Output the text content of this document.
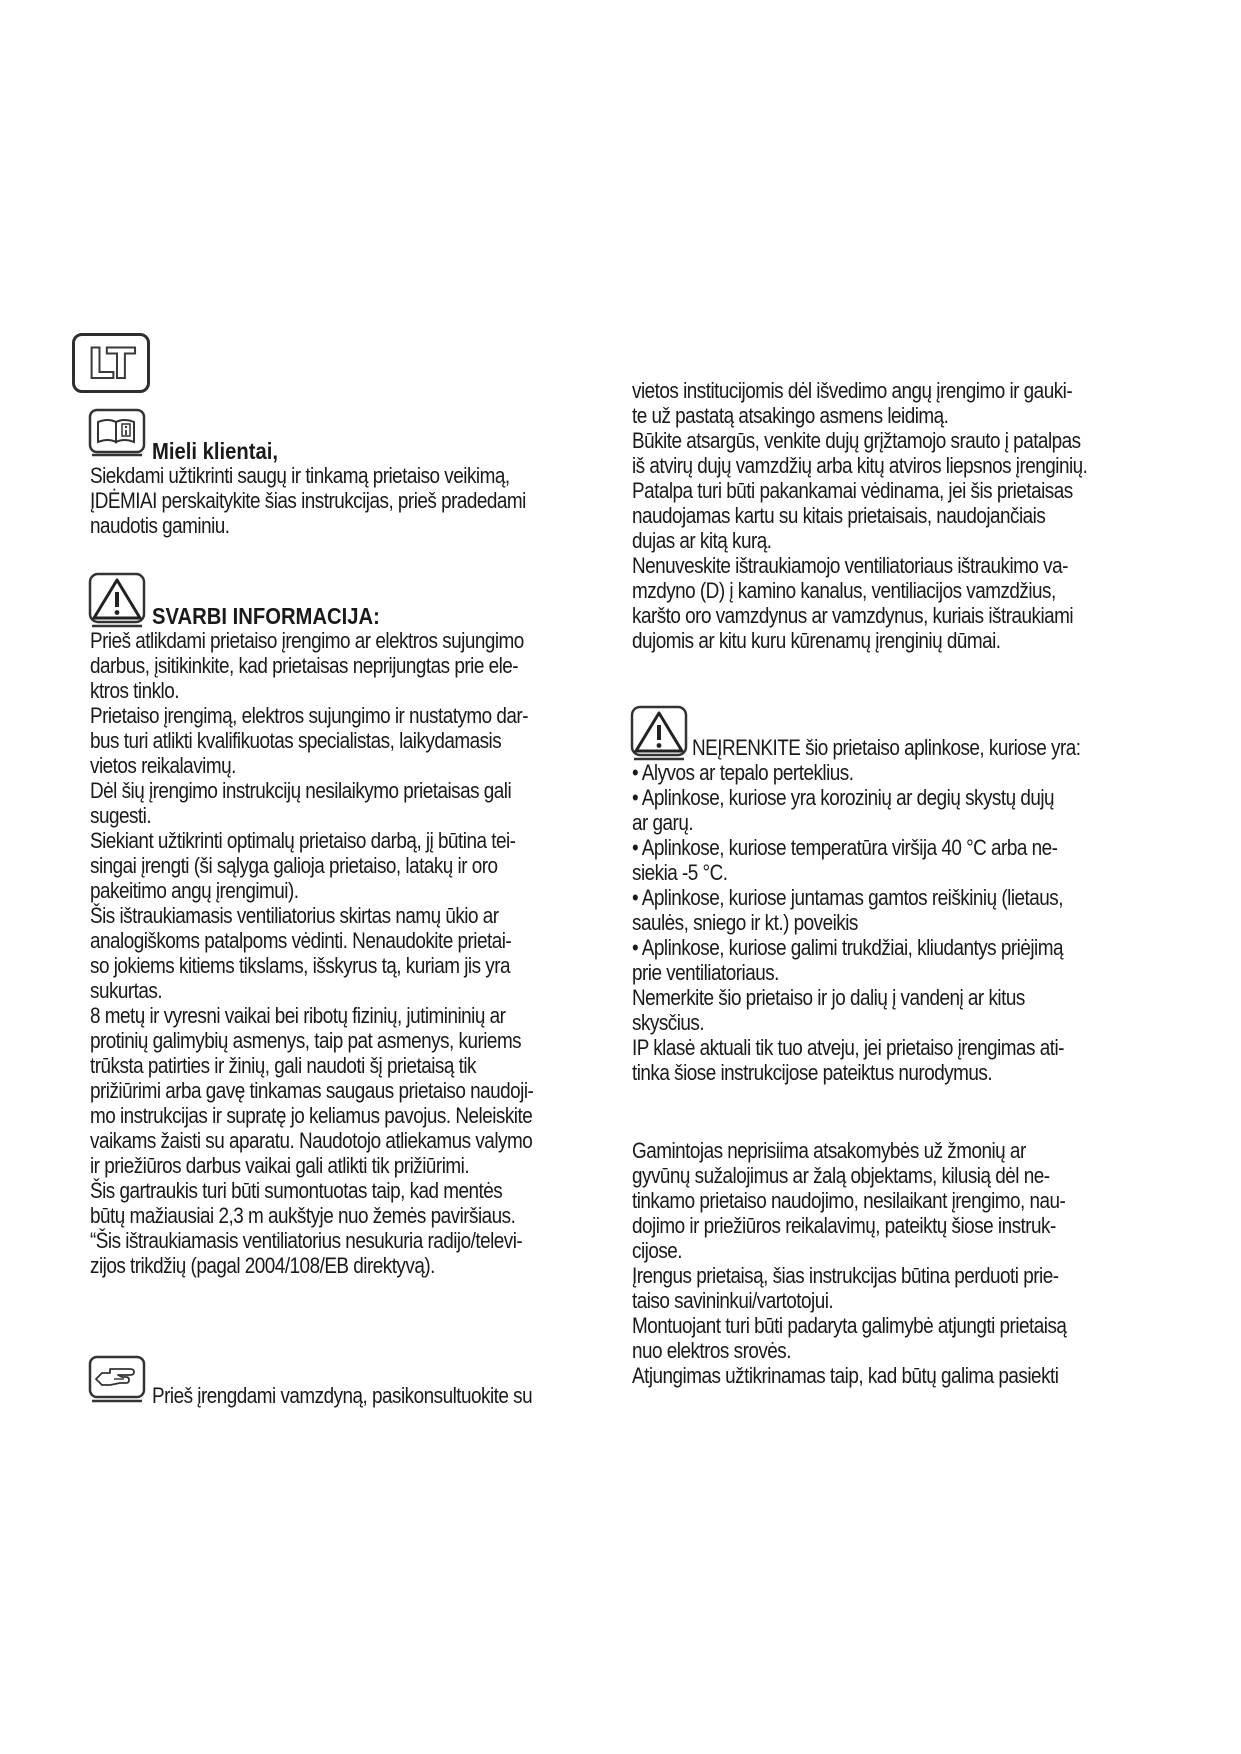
LT
Mieli klientai,
Siekdami užtikrinti saugų ir tinkamą prietaiso veikimą,
ĮDĖMIAI perskaitykite šias instrukcijas, prieš pradedami
naudotis gaminiu.
SVARBI INFORMACIJA:
Prieš atlikdami prietaiso įrengimo ar elektros sujungimo
darbus, įsitikinkite, kad prietaisas neprijungtas prie ele-
ktros tinklo.
Prietaiso įrengimą, elektros sujungimo ir nustatymo dar-
bus turi atlikti kvalifikuotas specialistas, laikydamasis
vietos reikalavimų.
Dėl šių įrengimo instrukcijų nesilaikymo prietaisas gali
sugesti.
Siekiant užtikrinti optimalų prietaiso darbą, jį būtina tei-
singai įrengti (ši sąlyga galioja prietaiso, latakų ir oro
pakeitimo angų įrengimui).
Šis ištraukiamasis ventiliatorius skirtas namų ūkio ar
analogiškoms patalpoms vėdinti. Nenaudokite prietai-
so jokiems kitiems tikslams, išskyrus tą, kuriam jis yra
sukurtas.
8 metų ir vyresni vaikai bei ribotų fizinių, jutimininių ar
protinių galimybių asmenys, taip pat asmenys, kuriems
trūksta patirties ir žinių, gali naudoti šį prietaisą tik
prižiūrimi arba gavę tinkamas saugaus prietaiso naudoji-
mo instrukcijas ir supratę jo keliamus pavojus. Neleiskite
vaikams žaisti su aparatu. Naudotojo atliekamus valymo
ir priežiūros darbus vaikai gali atlikti tik prižiūrimi.
Šis gartraukis turi būti sumontuotas taip, kad mentės
būtų mažiausiai 2,3 m aukštyje nuo žemės paviršiaus.
“Šis ištraukiamasis ventiliatorius nesukuria radijo/televi-
zijos trikdžių (pagal 2004/108/EB direktyvą).
Prieš įrengdami vamzdyną, pasikonsultuokite su
vietos institucijomis dėl išvedimo angų įrengimo ir gauki-
te už pastatą atsakingo asmens leidimą.
Būkite atsargūs, venkite dujų grįžtamojo srauto į patalpas
iš atvirų dujų vamzdžių arba kitų atviros liepsnos įrenginių.
Patalpa turi būti pakankamai vėdinama, jei šis prietaisas
naudojamas kartu su kitais prietaisais, naudojančiais
dujas ar kitą kurą.
Nenuveskite ištraukiamojo ventiliatoriaus ištraukimo va-
mzdyno (D) į kamino kanalus, ventiliacijos vamzdžius,
karšto oro vamzdynus ar vamzdynus, kuriais ištraukiami
dujomis ar kitu kuru kūrenamų įrenginių dūmai.
NEĮRENKITE šio prietaiso aplinkose, kuriose yra:
• Alyvos ar tepalo perteklius.
• Aplinkose, kuriose yra korozinių ar degių skystų dujų
ar garų.
• Aplinkose, kuriose temperatūra viršija 40 °C arba ne-
siekia -5 °C.
• Aplinkose, kuriose juntamas gamtos reiškinių (lietaus,
saulės, sniego ir kt.) poveikis
• Aplinkose, kuriose galimi trukdžiai, kliudantys priėjimą
prie ventiliatoriaus.
Nemerkite šio prietaiso ir jo dalių į vandenį ar kitus
skysčius.
IP klasė aktuali tik tuo atveju, jei prietaiso įrengimas ati-
tinka šiose instrukcijose pateiktus nurodymus.
Gamintojas neprisiima atsakomybės už žmonių ar
gyvūnų sužalojimus ar žalą objektams, kilusią dėl ne-
tinkamo prietaiso naudojimo, nesilaikant įrengimo, nau-
dojimo ir priežiūros reikalavimų, pateiktų šiose instruk-
cijose.
Įrengus prietaisą, šias instrukcijas būtina perduoti prie-
taiso savininkui/vartotojui.
Montuojant turi būti padaryta galimybė atjungti prietaisą
nuo elektros srovės.
Atjungimas užtikrinamas taip, kad būtų galima pasiekti
